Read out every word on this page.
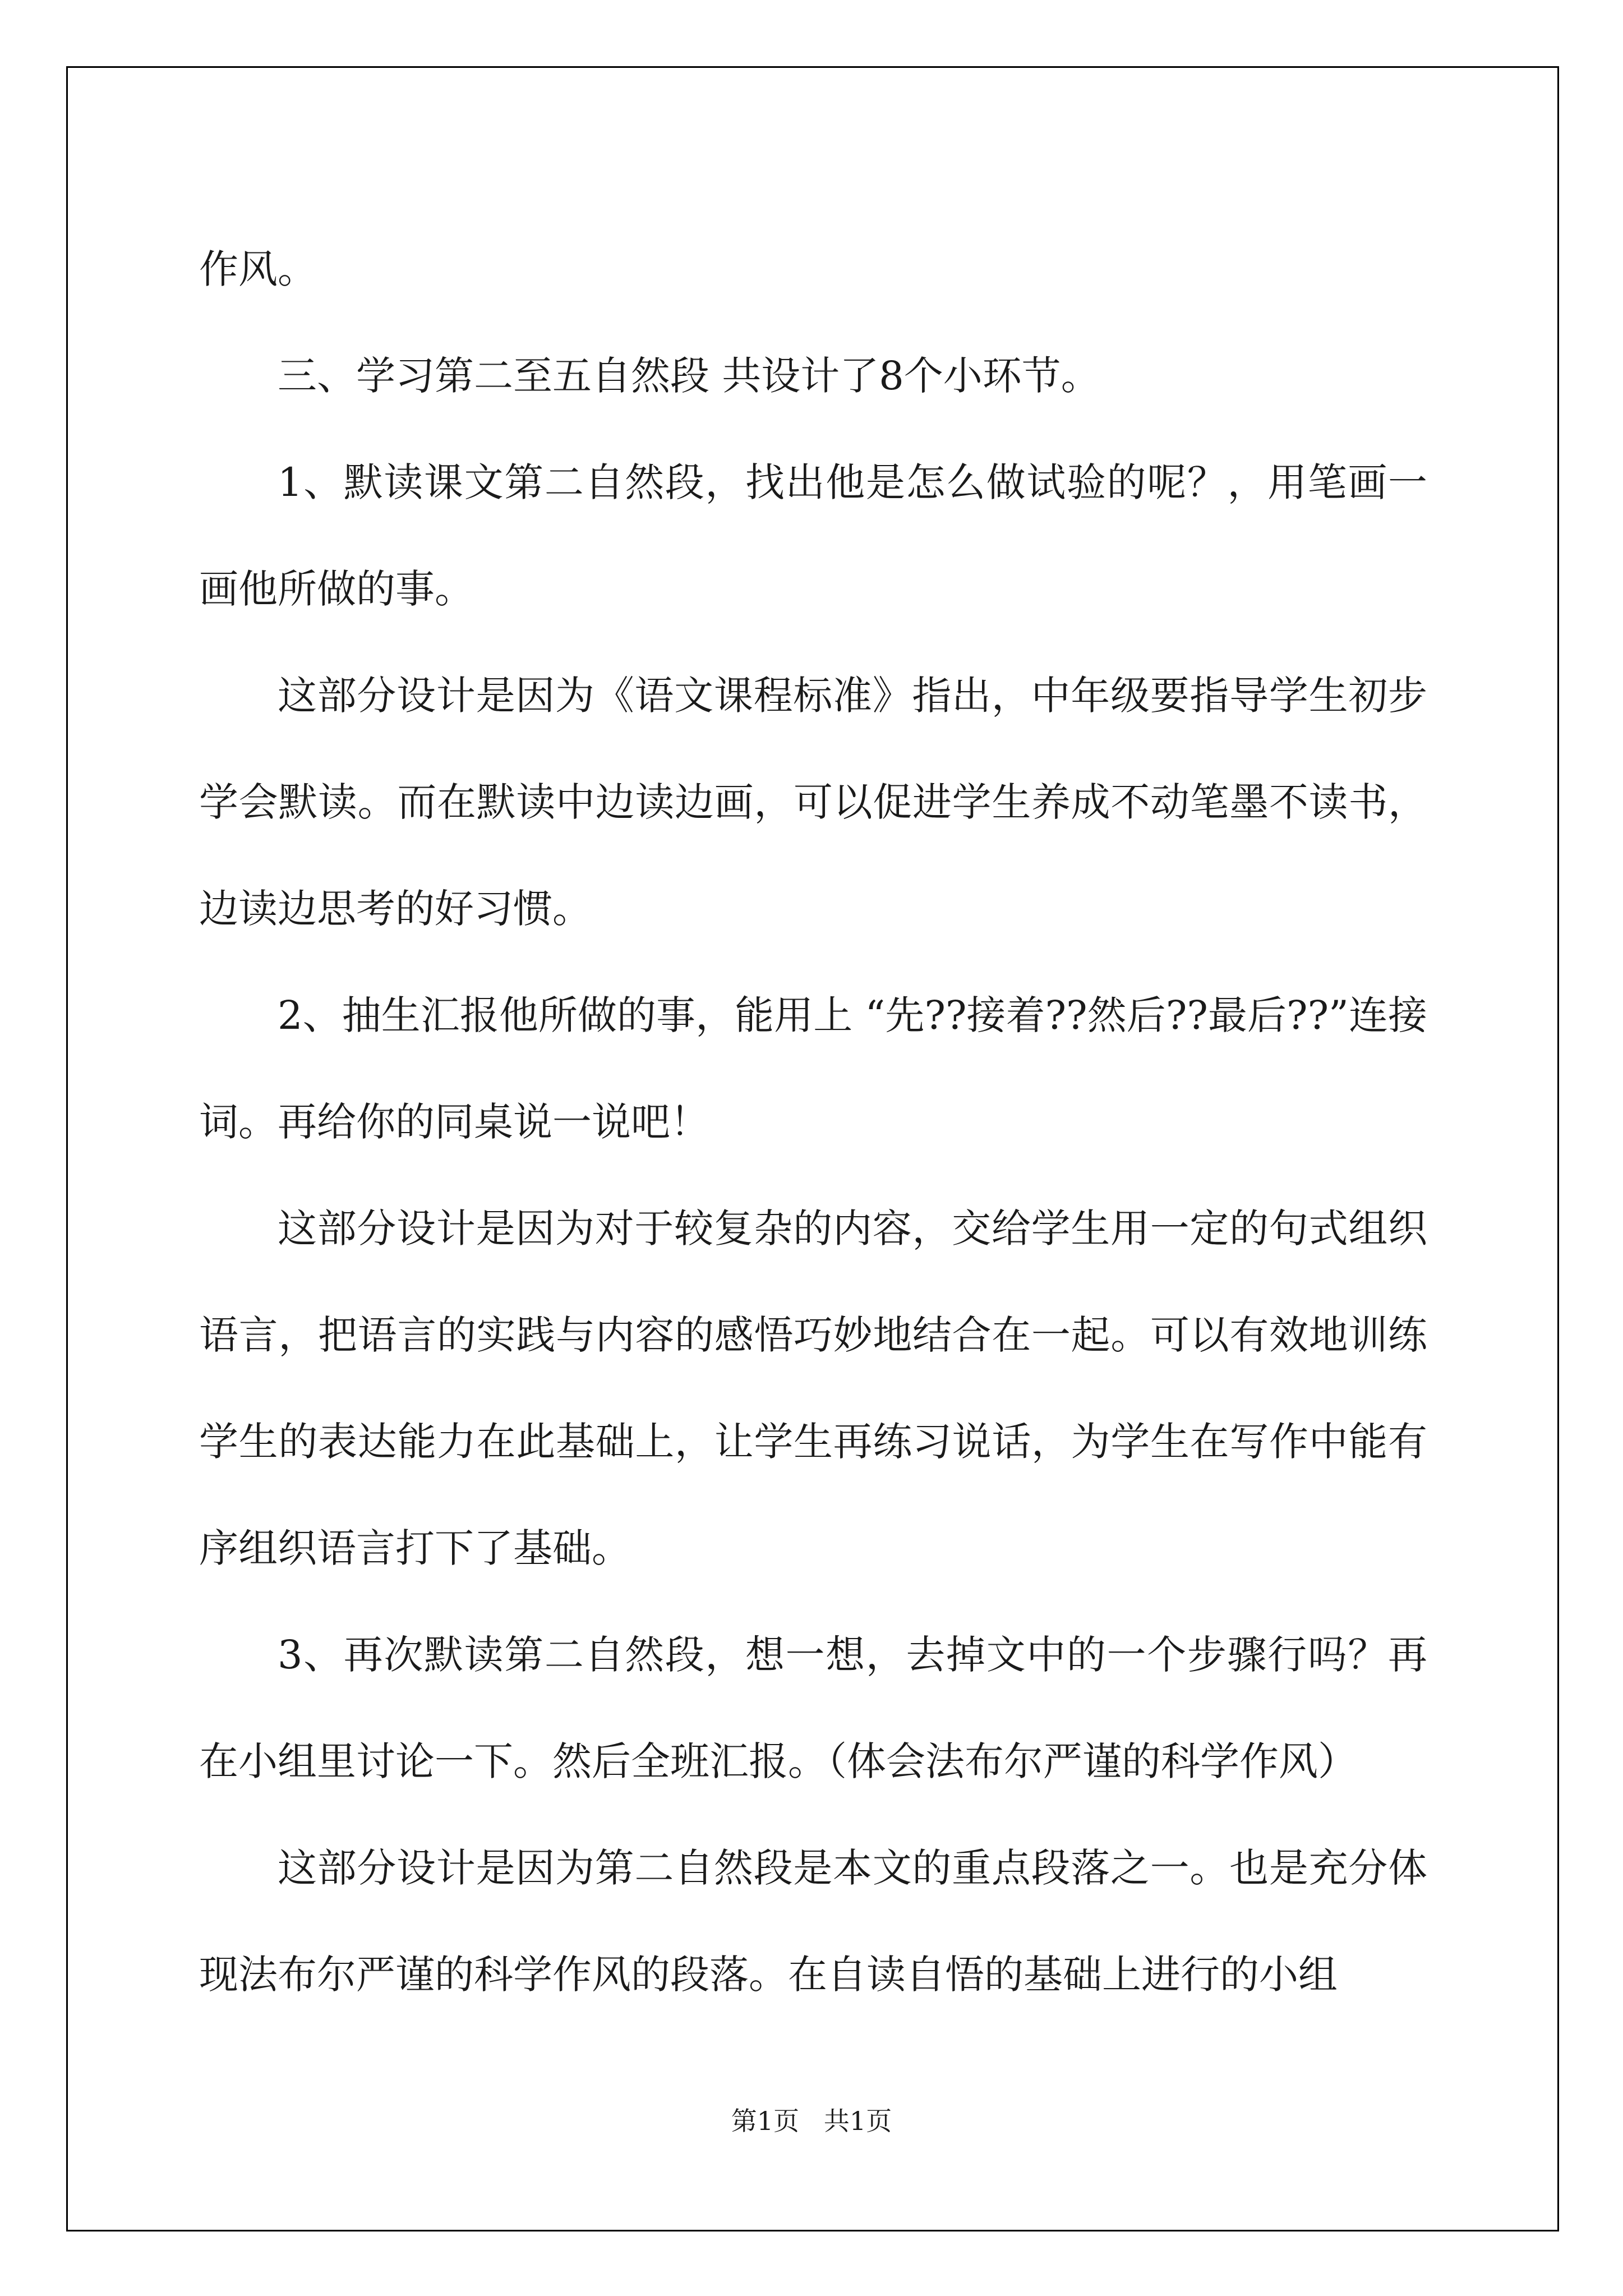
作风。

三、学习第二至五自然段 共设计了8个小环节。

1、默读课文第二自然段，找出他是怎么做试验的呢？，用笔画一画他所做的事。

这部分设计是因为《语文课程标准》指出，中年级要指导学生初步学会默读。而在默读中边读边画，可以促进学生养成不动笔墨不读书，边读边思考的好习惯。

2、抽生汇报他所做的事，能用上 “先??接着??然后??最后??”连接词。再给你的同桌说一说吧！

这部分设计是因为对于较复杂的内容，交给学生用一定的句式组织语言，把语言的实践与内容的感悟巧妙地结合在一起。可以有效地训练学生的表达能力在此基础上，让学生再练习说话，为学生在写作中能有序组织语言打下了基础。

3、再次默读第二自然段，想一想，去掉文中的一个步骤行吗？再在小组里讨论一下。然后全班汇报。（体会法布尔严谨的科学作风）

这部分设计是因为第二自然段是本文的重点段落之一。也是充分体现法布尔严谨的科学作风的段落。在自读自悟的基础上进行的小组

第1页   共1页
